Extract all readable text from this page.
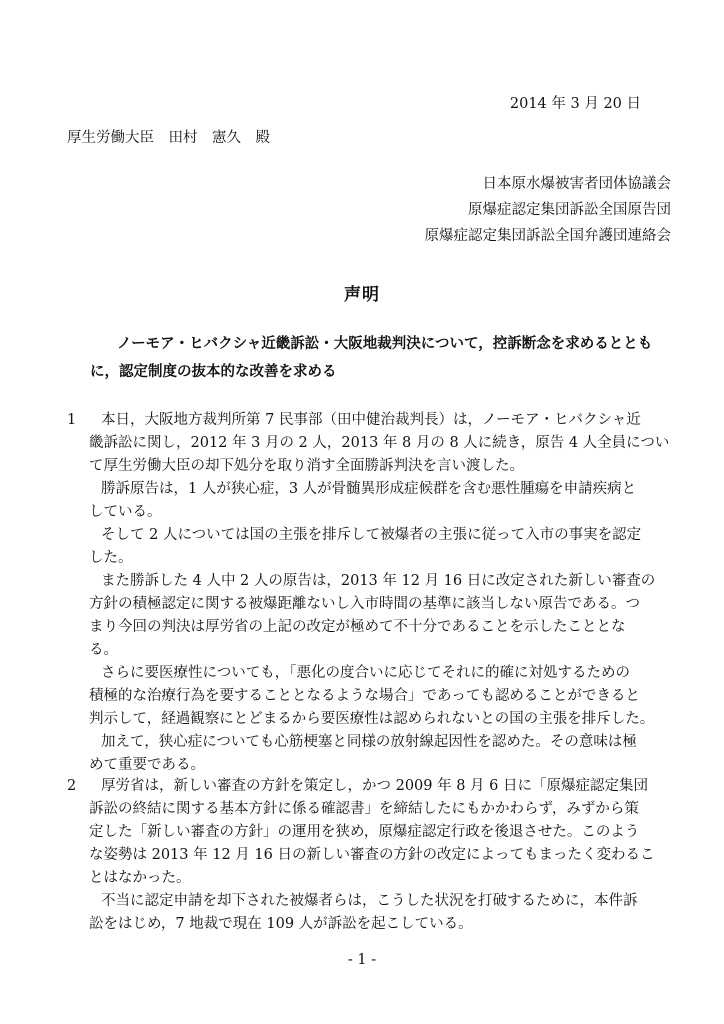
2014 年 3 月 20 日
厚生労働大臣　田村　憲久　殿
日本原水爆被害者団体協議会
原爆症認定集団訴訟全国原告団
原爆症認定集団訴訟全国弁護団連絡会
声明
ノーモア・ヒバクシャ近畿訴訟・大阪地裁判決について，控訴断念を求めるととも
に，認定制度の抜本的な改善を求める
1	本日，大阪地方裁判所第 7 民事部（田中健治裁判長）は，ノーモア・ヒバクシャ近
畿訴訟に関し，2012 年 3 月の 2 人，2013 年 8 月の 8 人に続き，原告 4 人全員につい
て厚生労働大臣の却下処分を取り消す全面勝訴判決を言い渡した。
勝訴原告は，1 人が狭心症，3 人が骨髄異形成症候群を含む悪性腫瘍を申請疾病と
している。
そして 2 人については国の主張を排斥して被爆者の主張に従って入市の事実を認定
した。
また勝訴した 4 人中 2 人の原告は，2013 年 12 月 16 日に改定された新しい審査の
方針の積極認定に関する被爆距離ないし入市時間の基準に該当しない原告である。つ
まり今回の判決は厚労省の上記の改定が極めて不十分であることを示したこととな
る。
さらに要医療性についても，「悪化の度合いに応じてそれに的確に対処するための
積極的な治療行為を要することとなるような場合」であっても認めることができると
判示して，経過観察にとどまるから要医療性は認められないとの国の主張を排斥した。
加えて，狭心症についても心筋梗塞と同様の放射線起因性を認めた。その意味は極
めて重要である。
2	厚労省は，新しい審査の方針を策定し，かつ 2009 年 8 月 6 日に「原爆症認定集団
訴訟の終結に関する基本方針に係る確認書」を締結したにもかかわらず，みずから策
定した「新しい審査の方針」の運用を狭め，原爆症認定行政を後退させた。このよう
な姿勢は 2013 年 12 月 16 日の新しい審査の方針の改定によってもまったく変わるこ
とはなかった。
不当に認定申請を却下された被爆者らは，こうした状況を打破するために，本件訴
訟をはじめ，7 地裁で現在 109 人が訴訟を起こしている。
- 1 -
